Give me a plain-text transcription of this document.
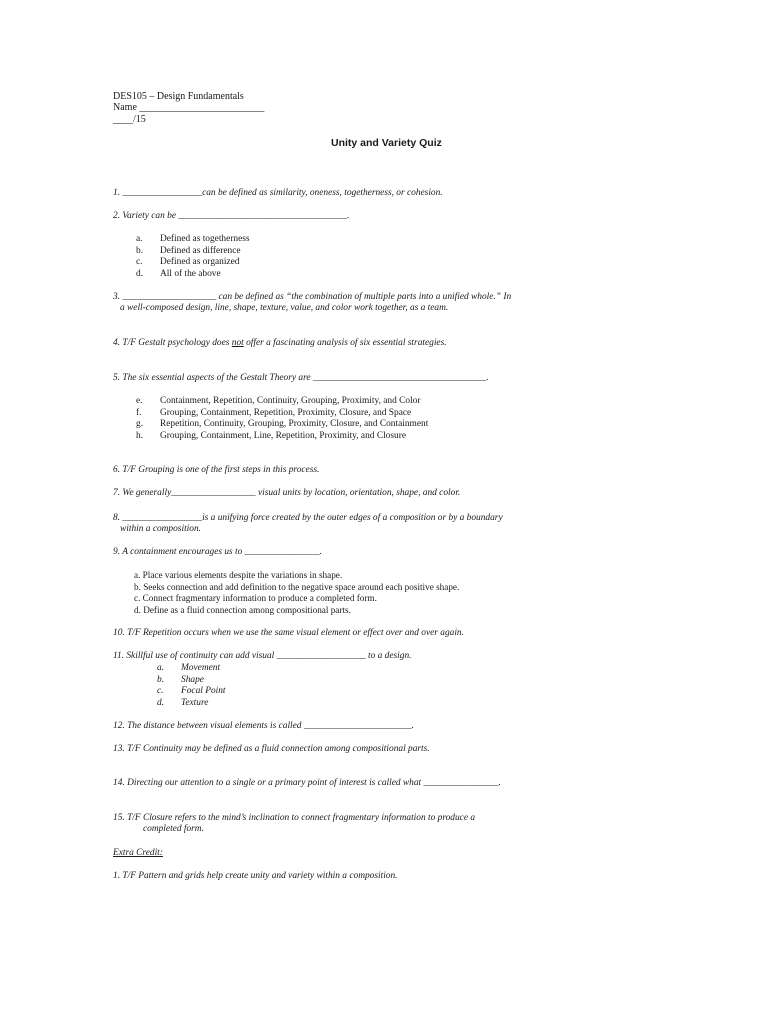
DES105 – Design Fundamentals
Name _________________________
____/15
Unity and Variety Quiz
1. _________________can be defined as similarity, oneness, togetherness, or cohesion.
2. Variety can be ____________________________________.
a. Defined as togetherness
b. Defined as difference
c. Defined as organized
d. All of the above
3. ____________________ can be defined as “the combination of multiple parts into a unified whole.” In
a well-composed design, line, shape, texture, value, and color work together, as a team.
4. T/F Gestalt psychology does not offer a fascinating analysis of six essential strategies.
5. The six essential aspects of the Gestalt Theory are _____________________________________.
e. Containment, Repetition, Continuity, Grouping, Proximity, and Color
f. Grouping, Containment, Repetition, Proximity, Closure, and Space
g. Repetition, Continuity, Grouping, Proximity, Closure, and Containment
h. Grouping, Containment, Line, Repetition, Proximity, and Closure
6. T/F Grouping is one of the first steps in this process.
7. We generally__________________ visual units by location, orientation, shape, and color.
8. _________________is a unifying force created by the outer edges of a composition or by a boundary
within a composition.
9. A containment encourages us to ________________.
a. Place various elements despite the variations in shape.
b. Seeks connection and add definition to the negative space around each positive shape.
c. Connect fragmentary information to produce a completed form.
d. Define as a fluid connection among compositional parts.
10. T/F Repetition occurs when we use the same visual element or effect over and over again.
11. Skillful use of continuity can add visual ___________________ to a design.
a. Movement
b. Shape
c. Focal Point
d. Texture
12. The distance between visual elements is called _______________________.
13. T/F Continuity may be defined as a fluid connection among compositional parts.
14. Directing our attention to a single or a primary point of interest is called what ________________.
15. T/F Closure refers to the mind’s inclination to connect fragmentary information to produce a
completed form.
Extra Credit:
1. T/F Pattern and grids help create unity and variety within a composition.
